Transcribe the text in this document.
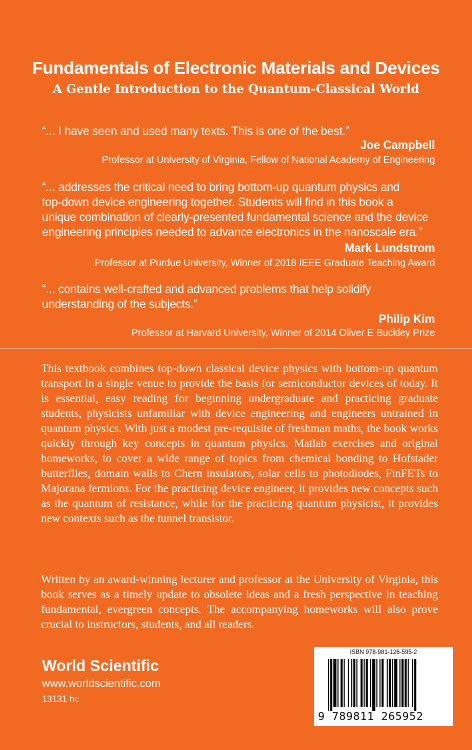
Fundamentals of Electronic Materials and Devices
A Gentle Introduction to the Quantum-Classical World
“... I have seen and used many texts. This is one of the best.”
Joe Campbell
Professor at University of Virginia, Fellow of National Academy of Engineering
“... addresses the critical need to bring bottom-up quantum physics and
top-down device engineering together. Students will find in this book a
unique combination of clearly-presented fundamental science and the device
engineering principles needed to advance electronics in the nanoscale era.”
Mark Lundstrom
Professor at Purdue University, Winner of 2018 IEEE Graduate Teaching Award
“... contains well-crafted and advanced problems that help solidify
understanding of the subjects.”
Philip Kim
Professor at Harvard University, Winner of 2014 Oliver E Buckley Prize
This textbook combines top-down classical device physics with bottom-up quantum transport in a single venue to provide the basis for semiconductor devices of today. It is essential, easy reading for beginning undergraduate and practicing graduate students, physicists unfamiliar with device engineering and engineers untrained in quantum physics. With just a modest pre-requisite of freshman maths, the book works quickly through key concepts in quantum physics. Matlab exercises and original homeworks, to cover a wide range of topics from chemical bonding to Hofstader butterflies, domain walls to Chern insulators, solar cells to photodiodes, FinFETs to Majorana fermions. For the practicing device engineer, it provides new concepts such as the quantum of resistance, while for the practicing quantum physicist, it provides new contexts such as the tunnel transistor.
Written by an award-winning lecturer and professor at the University of Virginia, this book serves as a timely update to obsolete ideas and a fresh perspective in teaching fundamental, evergreen concepts. The accompanying homeworks will also prove crucial to instructors, students, and all readers.
World Scientific
www.worldscientific.com
13131 hc
ISBN 978-981-126-595-2
9 789811 265952
